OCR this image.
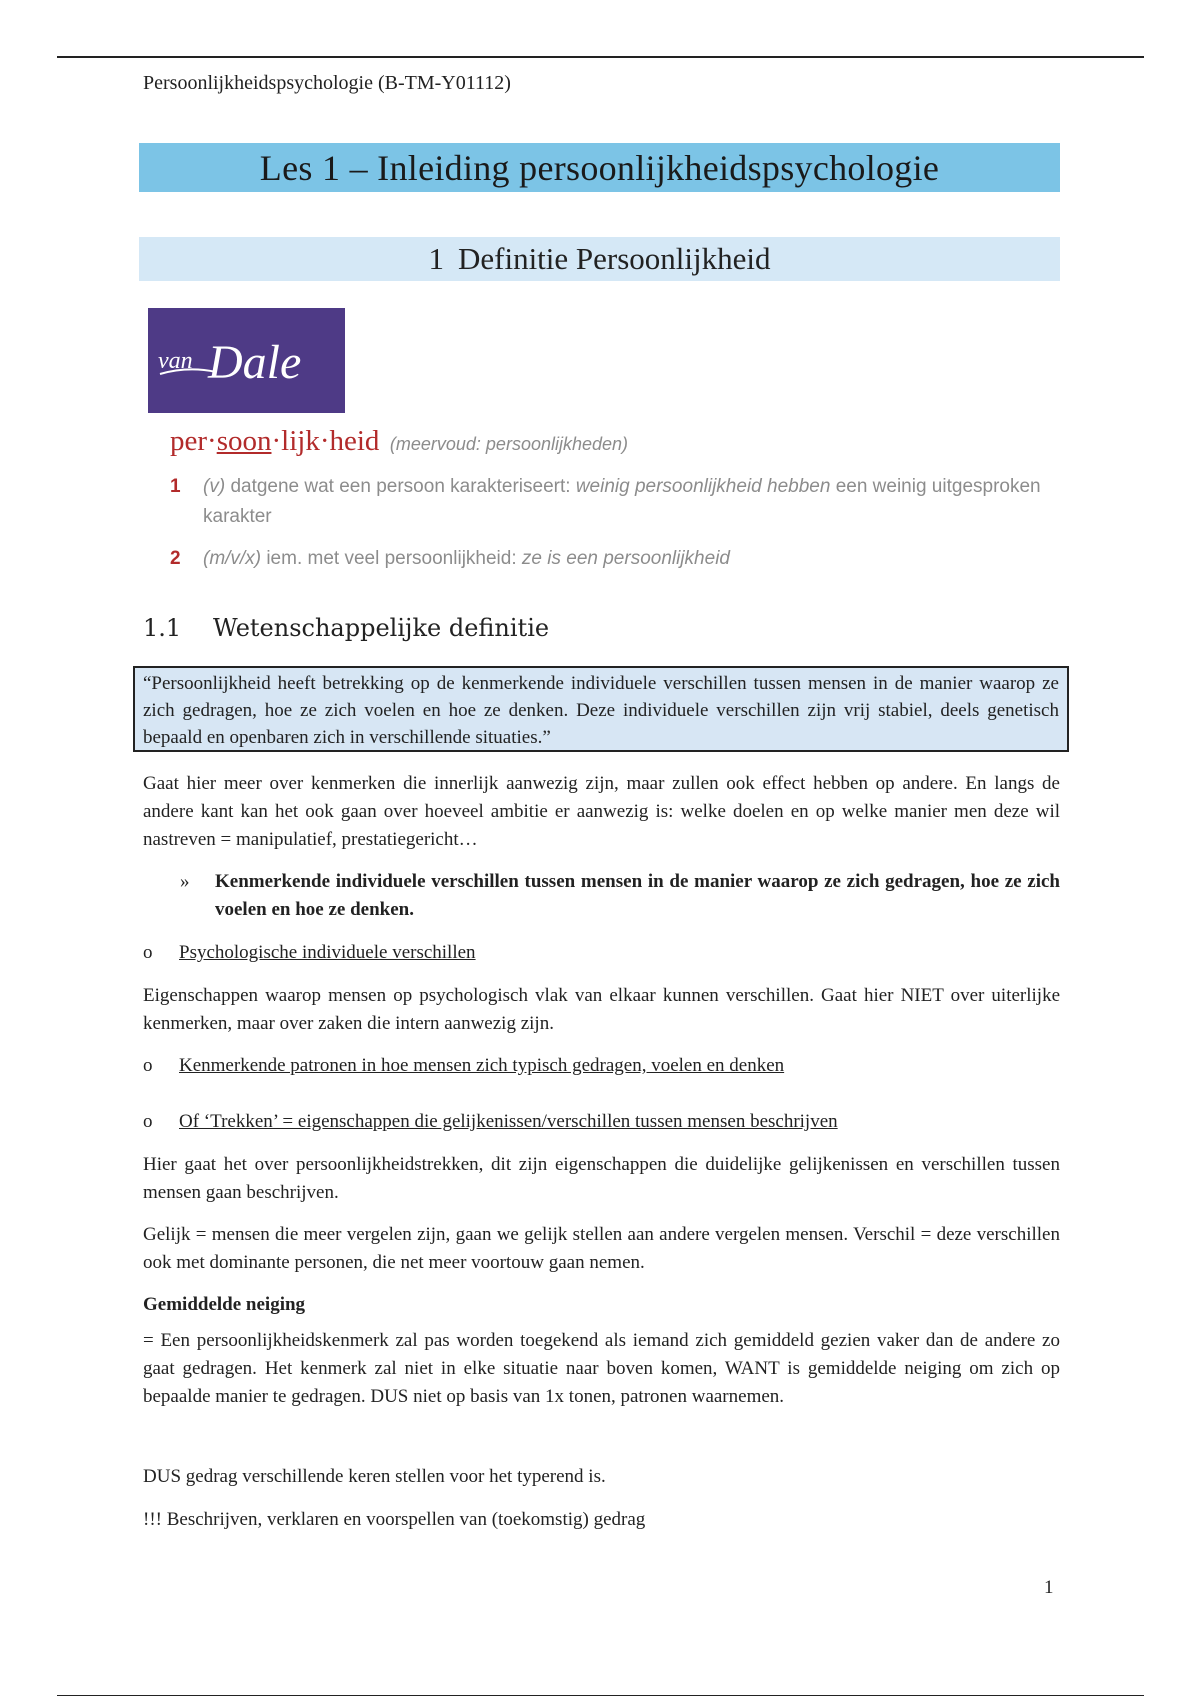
Persoonlijkheidspsychologie (B-TM-Y01112)
Les 1 – Inleiding persoonlijkheidspsychologie
1 Definitie Persoonlijkheid
van Dale
per·soon·lijk·heid (meervoud: persoonlijkheden)
1 (v) datgene wat een persoon karakteriseert: weinig persoonlijkheid hebben een weinig uitgesproken karakter
2 (m/v/x) iem. met veel persoonlijkheid: ze is een persoonlijkheid
1.1 Wetenschappelijke definitie
“Persoonlijkheid heeft betrekking op de kenmerkende individuele verschillen tussen mensen in de manier waarop ze zich gedragen, hoe ze zich voelen en hoe ze denken. Deze individuele verschillen zijn vrij stabiel, deels genetisch bepaald en openbaren zich in verschillende situaties.”
Gaat hier meer over kenmerken die innerlijk aanwezig zijn, maar zullen ook effect hebben op andere. En langs de andere kant kan het ook gaan over hoeveel ambitie er aanwezig is: welke doelen en op welke manier men deze wil nastreven = manipulatief, prestatiegericht…
» Kenmerkende individuele verschillen tussen mensen in de manier waarop ze zich gedragen, hoe ze zich voelen en hoe ze denken.
o Psychologische individuele verschillen
Eigenschappen waarop mensen op psychologisch vlak van elkaar kunnen verschillen. Gaat hier NIET over uiterlijke kenmerken, maar over zaken die intern aanwezig zijn.
o Kenmerkende patronen in hoe mensen zich typisch gedragen, voelen en denken
o Of ‘Trekken’ = eigenschappen die gelijkenissen/verschillen tussen mensen beschrijven
Hier gaat het over persoonlijkheidstrekken, dit zijn eigenschappen die duidelijke gelijkenissen en verschillen tussen mensen gaan beschrijven.
Gelijk = mensen die meer vergelen zijn, gaan we gelijk stellen aan andere vergelen mensen. Verschil = deze verschillen ook met dominante personen, die net meer voortouw gaan nemen.
Gemiddelde neiging
= Een persoonlijkheidskenmerk zal pas worden toegekend als iemand zich gemiddeld gezien vaker dan de andere zo gaat gedragen. Het kenmerk zal niet in elke situatie naar boven komen, WANT is gemiddelde neiging om zich op bepaalde manier te gedragen. DUS niet op basis van 1x tonen, patronen waarnemen.
DUS gedrag verschillende keren stellen voor het typerend is.
!!! Beschrijven, verklaren en voorspellen van (toekomstig) gedrag
1
